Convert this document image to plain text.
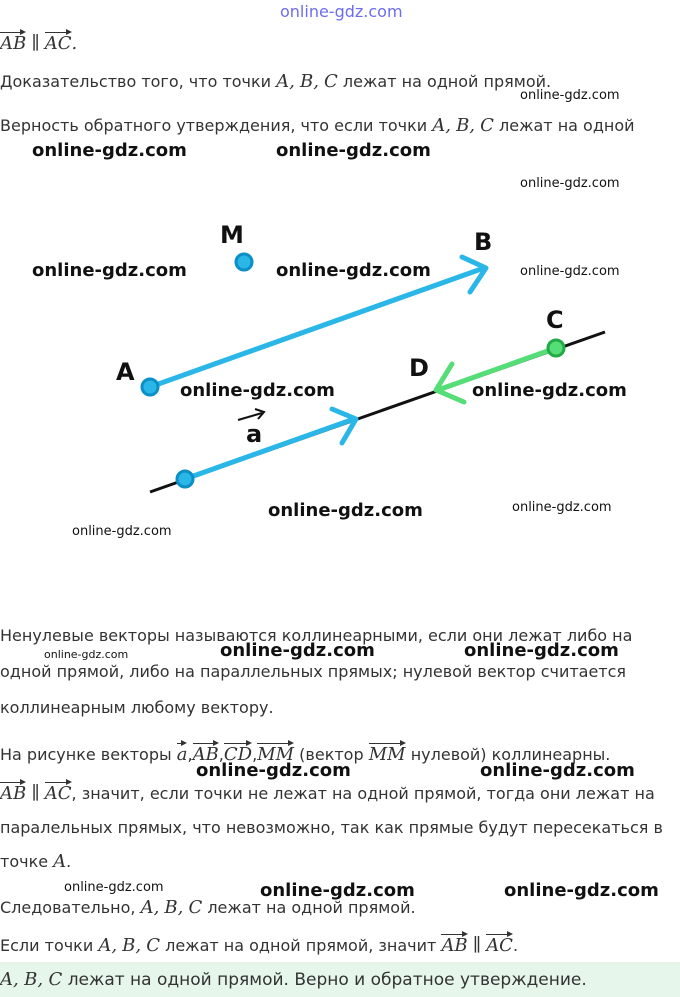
online-gdz.com
AB ∥ AC.
Доказательство того, что точки A, B, C лежат на одной прямой.
Верность обратного утверждения, что если точки A, B, C лежат на одной
M	B
A
C
D
a
Ненулевые векторы называются коллинеарными, если они лежат либо на
одной прямой, либо на параллельных прямых; нулевой вектор считается
коллинеарным любому вектору.
На рисунке векторы a,AB,CD,MM (вектор MM нулевой) коллинеарны.
AB ∥ AC, значит, если точки не лежат на одной прямой, тогда они лежат на
паралельных прямых, что невозможно, так как прямые будут пересекаться в
точке A.
Следовательно, A, B, C лежат на одной прямой.
Если точки A, B, C лежат на одной прямой, значит AB ∥ AC.
A, B, C лежат на одной прямой. Верно и обратное утверждение.
online-gdz.com
online-gdz.com	online-gdz.com
online-gdz.com
online-gdz.com	online-gdz.com	online-gdz.com
online-gdz.com	online-gdz.com
online-gdz.com
online-gdz.com
online-gdz.com
online-gdz.com	online-gdz.com	online-gdz.com
online-gdz.com	online-gdz.com
online-gdz.com	online-gdz.com	online-gdz.com
